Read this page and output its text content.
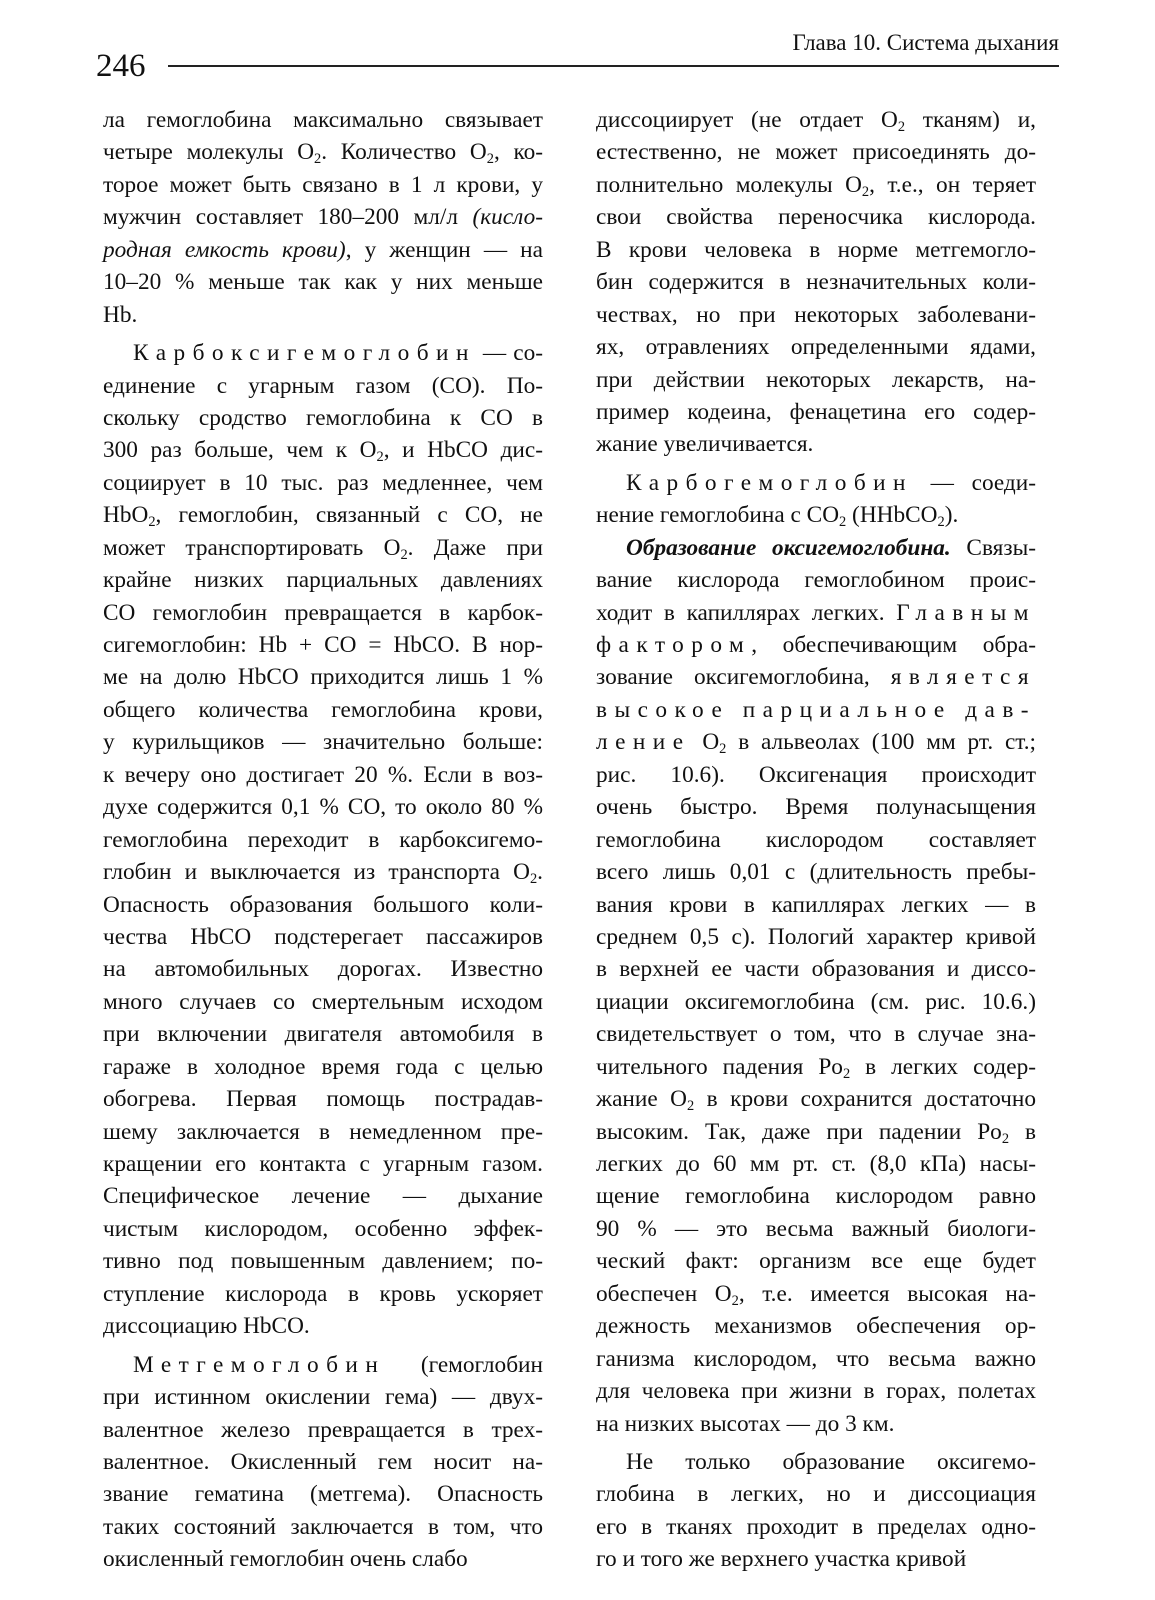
246
Глава 10. Система дыхания
ла гемоглобина максимально связывает
четыре молекулы $O_2$. Количество $O_2$, ко-
торое может быть связано в 1 л крови, у
мужчин составляет 180–200 мл/л (кисло-
родная емкость крови), у женщин — на
10–20 % меньше так как у них меньше
Hb.
Карбоксигемоглобин — со-
единение с угарным газом (СО). По-
скольку сродство гемоглобина к СО в
300 раз больше, чем к $O_2$, и HbCO дис-
социирует в 10 тыс. раз медленнее, чем
HbO$_2$, гемоглобин, связанный с СО, не
может транспортировать $O_2$. Даже при
крайне низких парциальных давлениях
СО гемоглобин превращается в карбок-
сигемоглобин: Hb + CO = HbCO. В нор-
ме на долю HbCO приходится лишь 1 %
общего количества гемоглобина крови,
у курильщиков — значительно больше:
к вечеру оно достигает 20 %. Если в воз-
духе содержится 0,1 % СО, то около 80 %
гемоглобина переходит в карбоксигемо-
глобин и выключается из транспорта $O_2$.
Опасность образования большого коли-
чества HbCO подстерегает пассажиров
на автомобильных дорогах. Известно
много случаев со смертельным исходом
при включении двигателя автомобиля в
гараже в холодное время года с целью
обогрева. Первая помощь пострадав-
шему заключается в немедленном пре-
кращении его контакта с угарным газом.
Специфическое лечение — дыхание
чистым кислородом, особенно эффек-
тивно под повышенным давлением; по-
ступление кислорода в кровь ускоряет
диссоциацию HbCO.
Метгемоглобин (гемоглобин
при истинном окислении гема) — двух-
валентное железо превращается в трех-
валентное. Окисленный гем носит на-
звание гематина (метгема). Опасность
таких состояний заключается в том, что
окисленный гемоглобин очень слабо
диссоциирует (не отдает $O_2$ тканям) и,
естественно, не может присоединять до-
полнительно молекулы $O_2$, т.е., он теряет
свои свойства переносчика кислорода.
В крови человека в норме метгемогло-
бин содержится в незначительных коли-
чествах, но при некоторых заболевани-
ях, отравлениях определенными ядами,
при действии некоторых лекарств, на-
пример кодеина, фенацетина его содер-
жание увеличивается.
Карбогемоглобин — соеди-
нение гемоглобина с $CO_2$ (HHbCO$_2$).
Образование оксигемоглобина. Связы-
вание кислорода гемоглобином проис-
ходит в капиллярах легких. Главным
фактором, обеспечивающим обра-
зование оксигемоглобина, является
высокое парциальное дав-
ление $O_2$ в альвеолах (100 мм рт. ст.;
рис. 10.6). Оксигенация происходит
очень быстро. Время полунасыщения
гемоглобина кислородом составляет
всего лишь 0,01 с (длительность пребы-
вания крови в капиллярах легких — в
среднем 0,5 с). Пологий характер кривой
в верхней ее части образования и диссо-
циации оксигемоглобина (см. рис. 10.6.)
свидетельствует о том, что в случае зна-
чительного падения $Po_2$ в легких содер-
жание $O_2$ в крови сохранится достаточно
высоким. Так, даже при падении $Po_2$ в
легких до 60 мм рт. ст. (8,0 кПа) насы-
щение гемоглобина кислородом равно
90 % — это весьма важный биологи-
ческий факт: организм все еще будет
обеспечен $O_2$, т.е. имеется высокая на-
дежность механизмов обеспечения ор-
ганизма кислородом, что весьма важно
для человека при жизни в горах, полетах
на низких высотах — до 3 км.
Не только образование оксигемо-
глобина в легких, но и диссоциация
его в тканях проходит в пределах одно-
го и того же верхнего участка кривой
